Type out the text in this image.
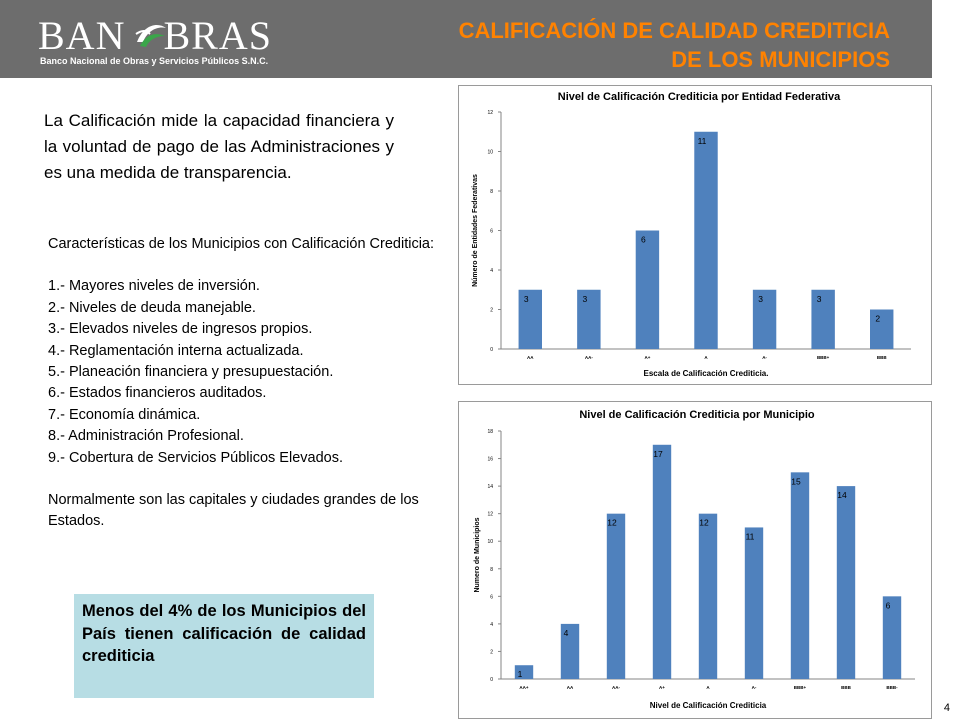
BAN BRAS
Banco Nacional de Obras y Servicios Públicos S.N.C.
CALIFICACIÓN DE CALIDAD CREDITICIA
DE LOS MUNICIPIOS

La Calificación mide la capacidad financiera y la voluntad de pago de las Administraciones y es una medida de transparencia.

Características de los Municipios con Calificación Crediticia:

1.- Mayores niveles de inversión.
2.- Niveles de deuda manejable.
3.- Elevados niveles de ingresos propios.
4.- Reglamentación interna actualizada.
5.- Planeación financiera y presupuestación.
6.- Estados financieros auditados.
7.- Economía dinámica.
8.- Administración Profesional.
9.- Cobertura de Servicios Públicos Elevados.

Normalmente son las capitales y ciudades grandes de los Estados.

Menos del 4% de los Municipios del País tienen calificación de calidad crediticia
Nivel de Calificación Crediticia por Entidad Federativa
0
2
4
6
8
10
12
3
AA
3
AA-
6
A+
11
A
3
A-
3
BBB+
2
BBB
Escala de Calificación Crediticia.
Número de Entidades Federativas
Nivel de Calificación Crediticia por Municipio
0
2
4
6
8
10
12
14
16
18
1
AA+
4
AA
12
AA-
17
A+
12
A
11
A-
15
BBB+
14
BBB
6
BBB-
Nivel de Calificación Crediticia
Numero de Municipios
4
